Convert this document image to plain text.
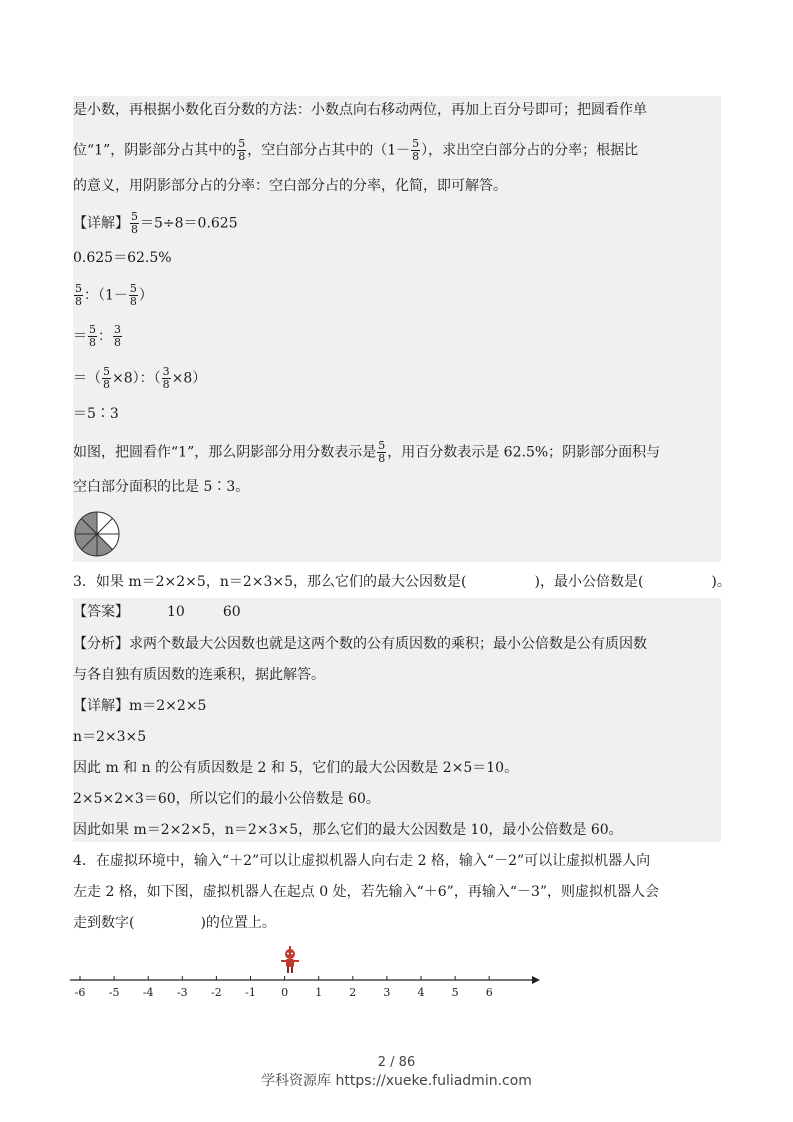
是小数，再根据小数化百分数的方法：小数点向右移动两位，再加上百分号即可；把圆看作单
位“1”，阴影部分占其中的 $\frac{5}{8}$ ，空白部分占其中的（$1- \frac{5}{8}$ ），求出空白部分占的分率；根据比
的意义，用阴影部分占的分率：空白部分占的分率，化简，即可解答。
【详解】 $\frac{5}{8} =5\div 8=0.625$
0.625＝62.5%
$\frac{5}{8}$ ：（$1- \frac{5}{8}$ ）
＝ $\frac{5}{8}$ ： $\frac{3}{8}$
＝（ $\frac{5}{8} \times 8$）：（ $\frac{3}{8} \times 8$）
＝5∶3
如图，把圆看作“1”，那么阴影部分用分数表示是 $\frac{5}{8}$ ，用百分数表示是 62.5%；阴影部分面积与
空白部分面积的比是 5∶3。
3．如果 m＝2×2×5，n＝2×3×5，那么它们的最大公因数是(	)，最小公倍数是(	)。
【答案】	10	60
【分析】求两个数最大公因数也就是这两个数的公有质因数的乘积；最小公倍数是公有质因数
与各自独有质因数的连乘积，据此解答。
【详解】m＝2×2×5
n＝2×3×5
因此 m 和 n 的公有质因数是 2 和 5，它们的最大公因数是 2×5＝10。
2×5×2×3＝60，所以它们的最小公倍数是 60。
因此如果 m＝2×2×5，n＝2×3×5，那么它们的最大公因数是 10，最小公倍数是 60。
4．在虚拟环境中，输入“＋2”可以让虚拟机器人向右走 2 格，输入“－2”可以让虚拟机器人向
左走 2 格，如下图，虚拟机器人在起点 0 处，若先输入“＋6”，再输入“－3”，则虚拟机器人会
走到数字(	)的位置上。
-6 -5 -4 -3 -2 -1 0 1 2 3 4 5 6
2 / 86
学科资源库 https://xueke.fuliadmin.com
